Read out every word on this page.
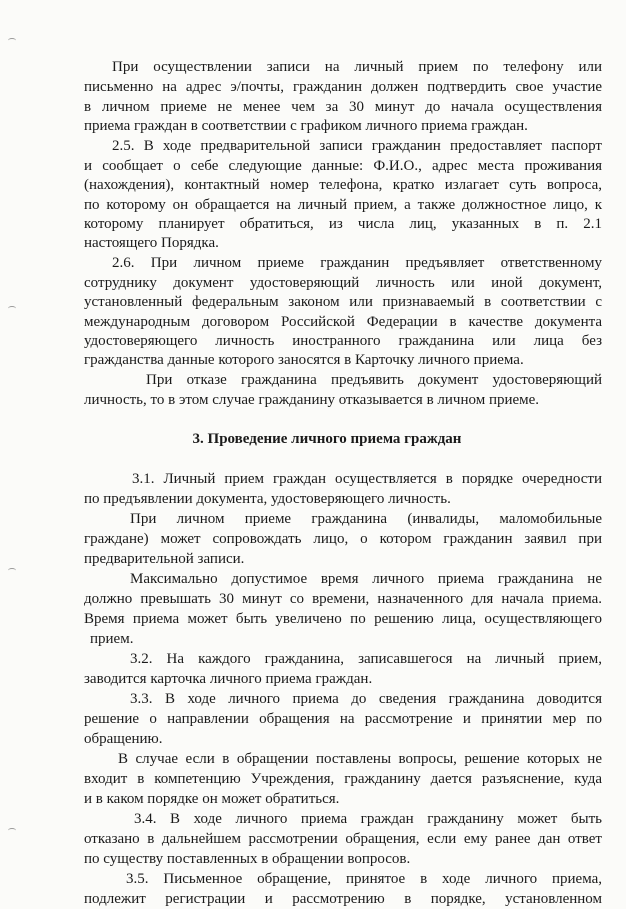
При осуществлении записи на личный прием по телефону или
письменно на адрес э/почты, гражданин должен подтвердить свое участие
в личном приеме не менее чем за 30 минут до начала осуществления
приема граждан в соответствии с графиком личного приема граждан.
2.5. В ходе предварительной записи гражданин предоставляет паспорт
и сообщает о себе следующие данные: Ф.И.О., адрес места проживания
(нахождения), контактный номер телефона, кратко излагает суть вопроса,
по которому он обращается на личный прием, а также должностное лицо, к
которому планирует обратиться, из числа лиц, указанных в п. 2.1
настоящего Порядка.
2.6. При личном приеме гражданин предъявляет ответственному
сотруднику документ удостоверяющий личность или иной документ,
установленный федеральным законом или признаваемый в соответствии с
международным договором Российской Федерации в качестве документа
удостоверяющего личность иностранного гражданина или лица без
гражданства данные которого заносятся в Карточку личного приема.
При отказе гражданина предъявить документ удостоверяющий
личность, то в этом случае гражданину отказывается в личном приеме.
3. Проведение личного приема граждан
3.1. Личный прием граждан осуществляется в порядке очередности
по предъявлении документа, удостоверяющего личность.
При личном приеме гражданина (инвалиды, маломобильные
граждане) может сопровождать лицо, о котором гражданин заявил при
предварительной записи.
Максимально допустимое время личного приема гражданина не
должно превышать 30 минут со времени, назначенного для начала приема.
Время приема может быть увеличено по решению лица, осуществляющего
прием.
3.2. На каждого гражданина, записавшегося на личный прием,
заводится карточка личного приема граждан.
3.3. В ходе личного приема до сведения гражданина доводится
решение о направлении обращения на рассмотрение и принятии мер по
обращению.
В случае если в обращении поставлены вопросы, решение которых не
входит в компетенцию Учреждения, гражданину дается разъяснение, куда
и в каком порядке он может обратиться.
3.4. В ходе личного приема граждан гражданину может быть
отказано в дальнейшем рассмотрении обращения, если ему ранее дан ответ
по существу поставленных в обращении вопросов.
3.5. Письменное обращение, принятое в ходе личного приема,
подлежит регистрации и рассмотрению в порядке, установленном
